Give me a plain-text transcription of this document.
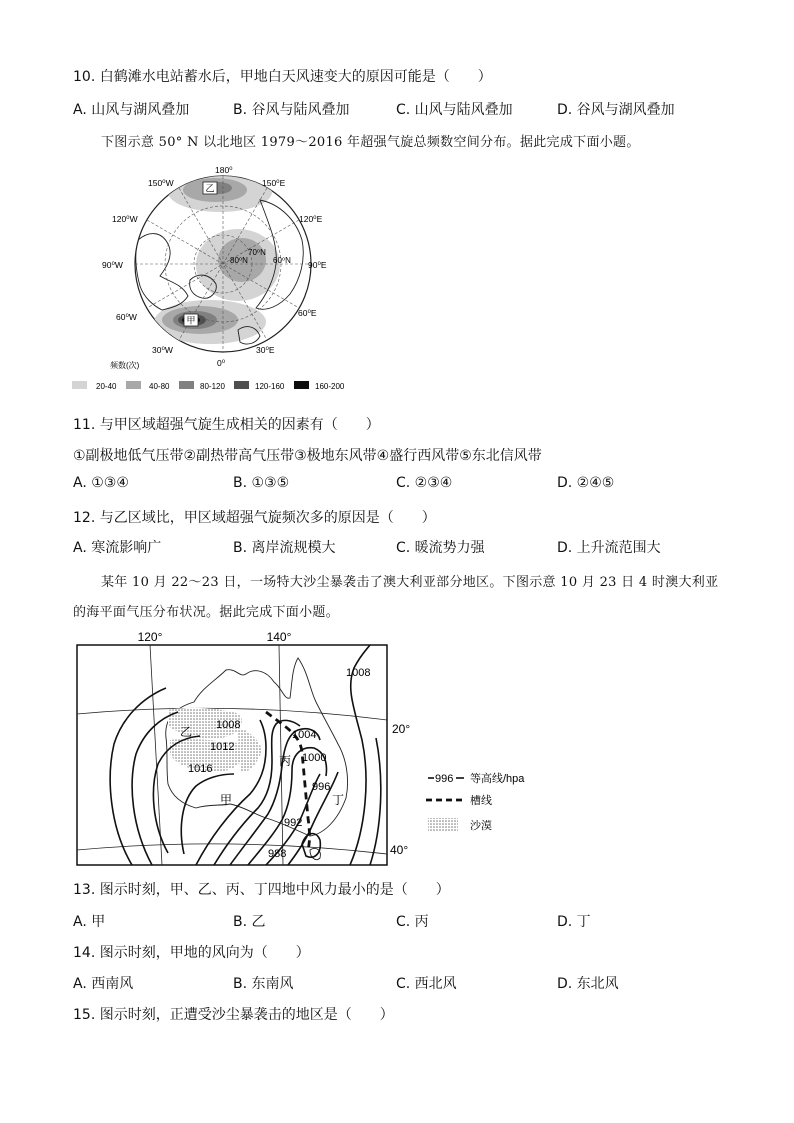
10. 白鹤滩水电站蓄水后，甲地白天风速变大的原因可能是（　　）
A. 山风与湖风叠加	B. 谷风与陆风叠加	C. 山风与陆风叠加	D. 谷风与湖风叠加
下图示意 50° N 以北地区 1979～2016 年超强气旋总频数空间分布。据此完成下面小题。
乙
甲
180⁰
150⁰W	150⁰E
120⁰W	120⁰E
90⁰W	90⁰E
60⁰W	60⁰E
30⁰W	30⁰E
0⁰
70⁰N
80⁰N	60⁰N
频数(次)
20-40	40-80	80-120	120-160	160-200
11. 与甲区域超强气旋生成相关的因素有（　　）
①副极地低气压带②副热带高气压带③极地东风带④盛行西风带⑤东北信风带
A. ①③④	B. ①③⑤	C. ②③④	D. ②④⑤
12. 与乙区域比，甲区域超强气旋频次多的原因是（　　）
A. 寒流影响广	B. 离岸流规模大	C. 暖流势力强	D. 上升流范围大
某年 10 月 22～23 日，一场特大沙尘暴袭击了澳大利亚部分地区。下图示意 10 月 23 日 4 时澳大利亚
的海平面气压分布状况。据此完成下面小题。
120°	140°
1008
1008
1004
1012
1000
1016
996
992
988
乙
丙
甲	丁
20°
40°
996 等高线/hpa
槽线
沙漠
13. 图示时刻，甲、乙、丙、丁四地中风力最小的是（　　）
A. 甲	B. 乙	C. 丙	D. 丁
14. 图示时刻，甲地的风向为（　　）
A. 西南风	B. 东南风	C. 西北风	D. 东北风
15. 图示时刻，正遭受沙尘暴袭击的地区是（　　）
